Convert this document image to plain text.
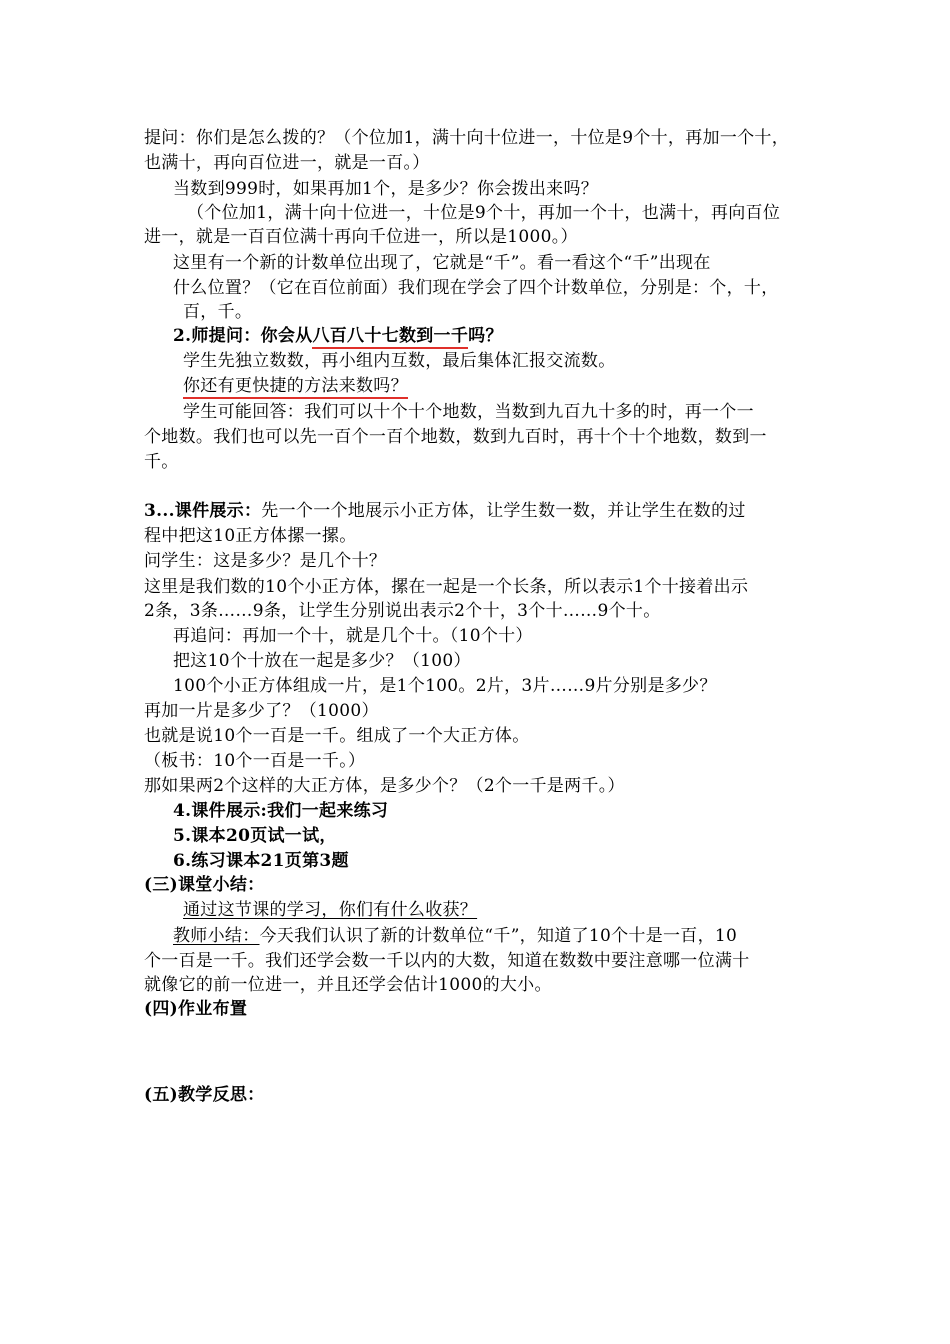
提问：你们是怎么拨的？（个位加1，满十向十位进一，十位是9个十，再加一个十，
也满十，再向百位进一，就是一百。）
当数到999时，如果再加1个，是多少？你会拨出来吗？
（个位加1，满十向十位进一，十位是9个十，再加一个十，也满十，再向百位
进一，就是一百百位满十再向千位进一，所以是1000。）
这里有一个新的计数单位出现了，它就是“千”。看一看这个“千”出现在
什么位置？（它在百位前面）我们现在学会了四个计数单位，分别是：个，十，
百，千。
2.师提问：你会从八百八十七数到一千吗？
学生先独立数数，再小组内互数，最后集体汇报交流数。
你还有更快捷的方法来数吗？
学生可能回答：我们可以十个十个地数，当数到九百九十多的时，再一个一
个地数。我们也可以先一百个一百个地数，数到九百时，再十个十个地数，数到一
千。
3...课件展示：先一个一个地展示小正方体，让学生数一数，并让学生在数的过
程中把这10正方体摞一摞。
问学生：这是多少？是几个十？
这里是我们数的10个小正方体，摞在一起是一个长条，所以表示1个十接着出示
2条，3条……9条，让学生分别说出表示2个十，3个十……9个十。
再追问：再加一个十，就是几个十。（10个十）
把这10个十放在一起是多少？（100）
100个小正方体组成一片，是1个100。2片，3片……9片分别是多少？
再加一片是多少了？（1000）
也就是说10个一百是一千。组成了一个大正方体。
（板书：10个一百是一千。）
那如果两2个这样的大正方体，是多少个？（2个一千是两千。）
4.课件展示:我们一起来练习
5.课本20页试一试，
6.练习课本21页第3题
(三)课堂小结：
通过这节课的学习，你们有什么收获？
教师小结：今天我们认识了新的计数单位“千”，知道了10个十是一百，10
个一百是一千。我们还学会数一千以内的大数，知道在数数中要注意哪一位满十
就像它的前一位进一，并且还学会估计1000的大小。
(四)作业布置
(五)教学反思：
